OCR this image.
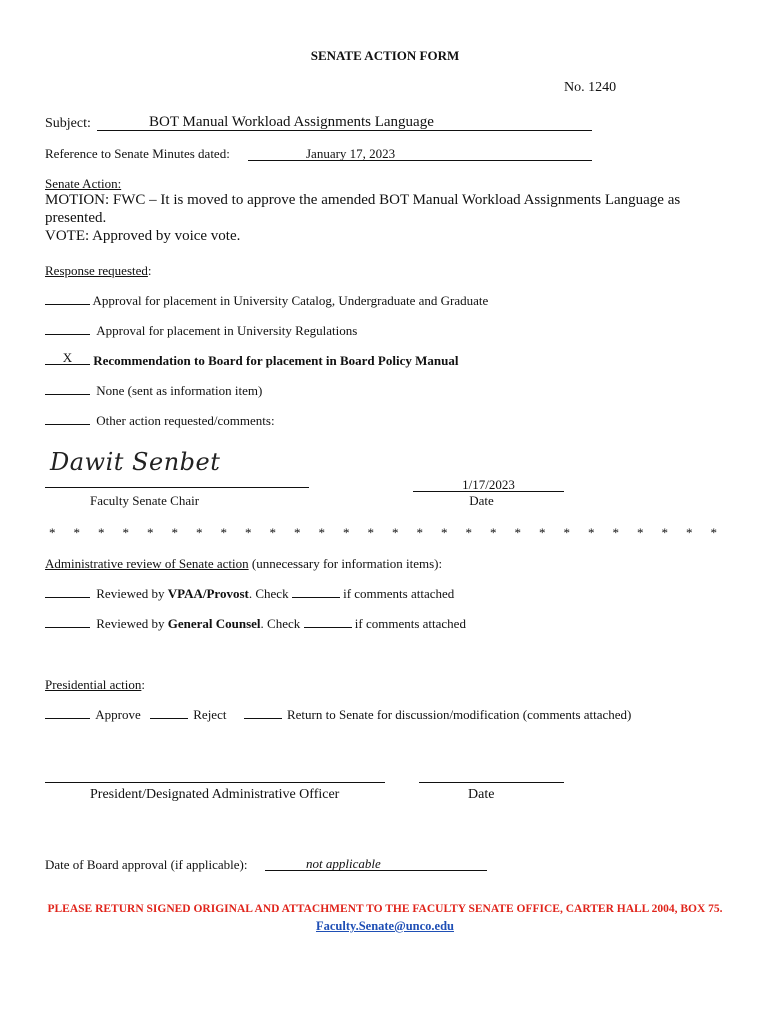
SENATE ACTION FORM
No. 1240
Subject:	BOT Manual Workload Assignments Language
Reference to Senate Minutes dated:	January 17, 2023
Senate Action:
MOTION: FWC – It is moved to approve the amended BOT Manual Workload Assignments Language as
presented.
VOTE: Approved by voice vote.
Response requested:
Approval for placement in University Catalog, Undergraduate and Graduate
Approval for placement in University Regulations
X Recommendation to Board for placement in Board Policy Manual
None (sent as information item)
Other action requested/comments:
Dawit Senbet
Faculty Senate Chair
1/17/2023
Date
* * * * * * * * * * * * * * * * * * * * * * * * * * * *
Administrative review of Senate action (unnecessary for information items):
Reviewed by VPAA/Provost. Check	if comments attached
Reviewed by General Counsel. Check	if comments attached
Presidential action:
Approve	Reject	Return to Senate for discussion/modification (comments attached)
President/Designated Administrative Officer	Date
Date of Board approval (if applicable):	not applicable
PLEASE RETURN SIGNED ORIGINAL AND ATTACHMENT TO THE FACULTY SENATE OFFICE, CARTER HALL 2004, BOX 75.
Faculty.Senate@unco.edu
